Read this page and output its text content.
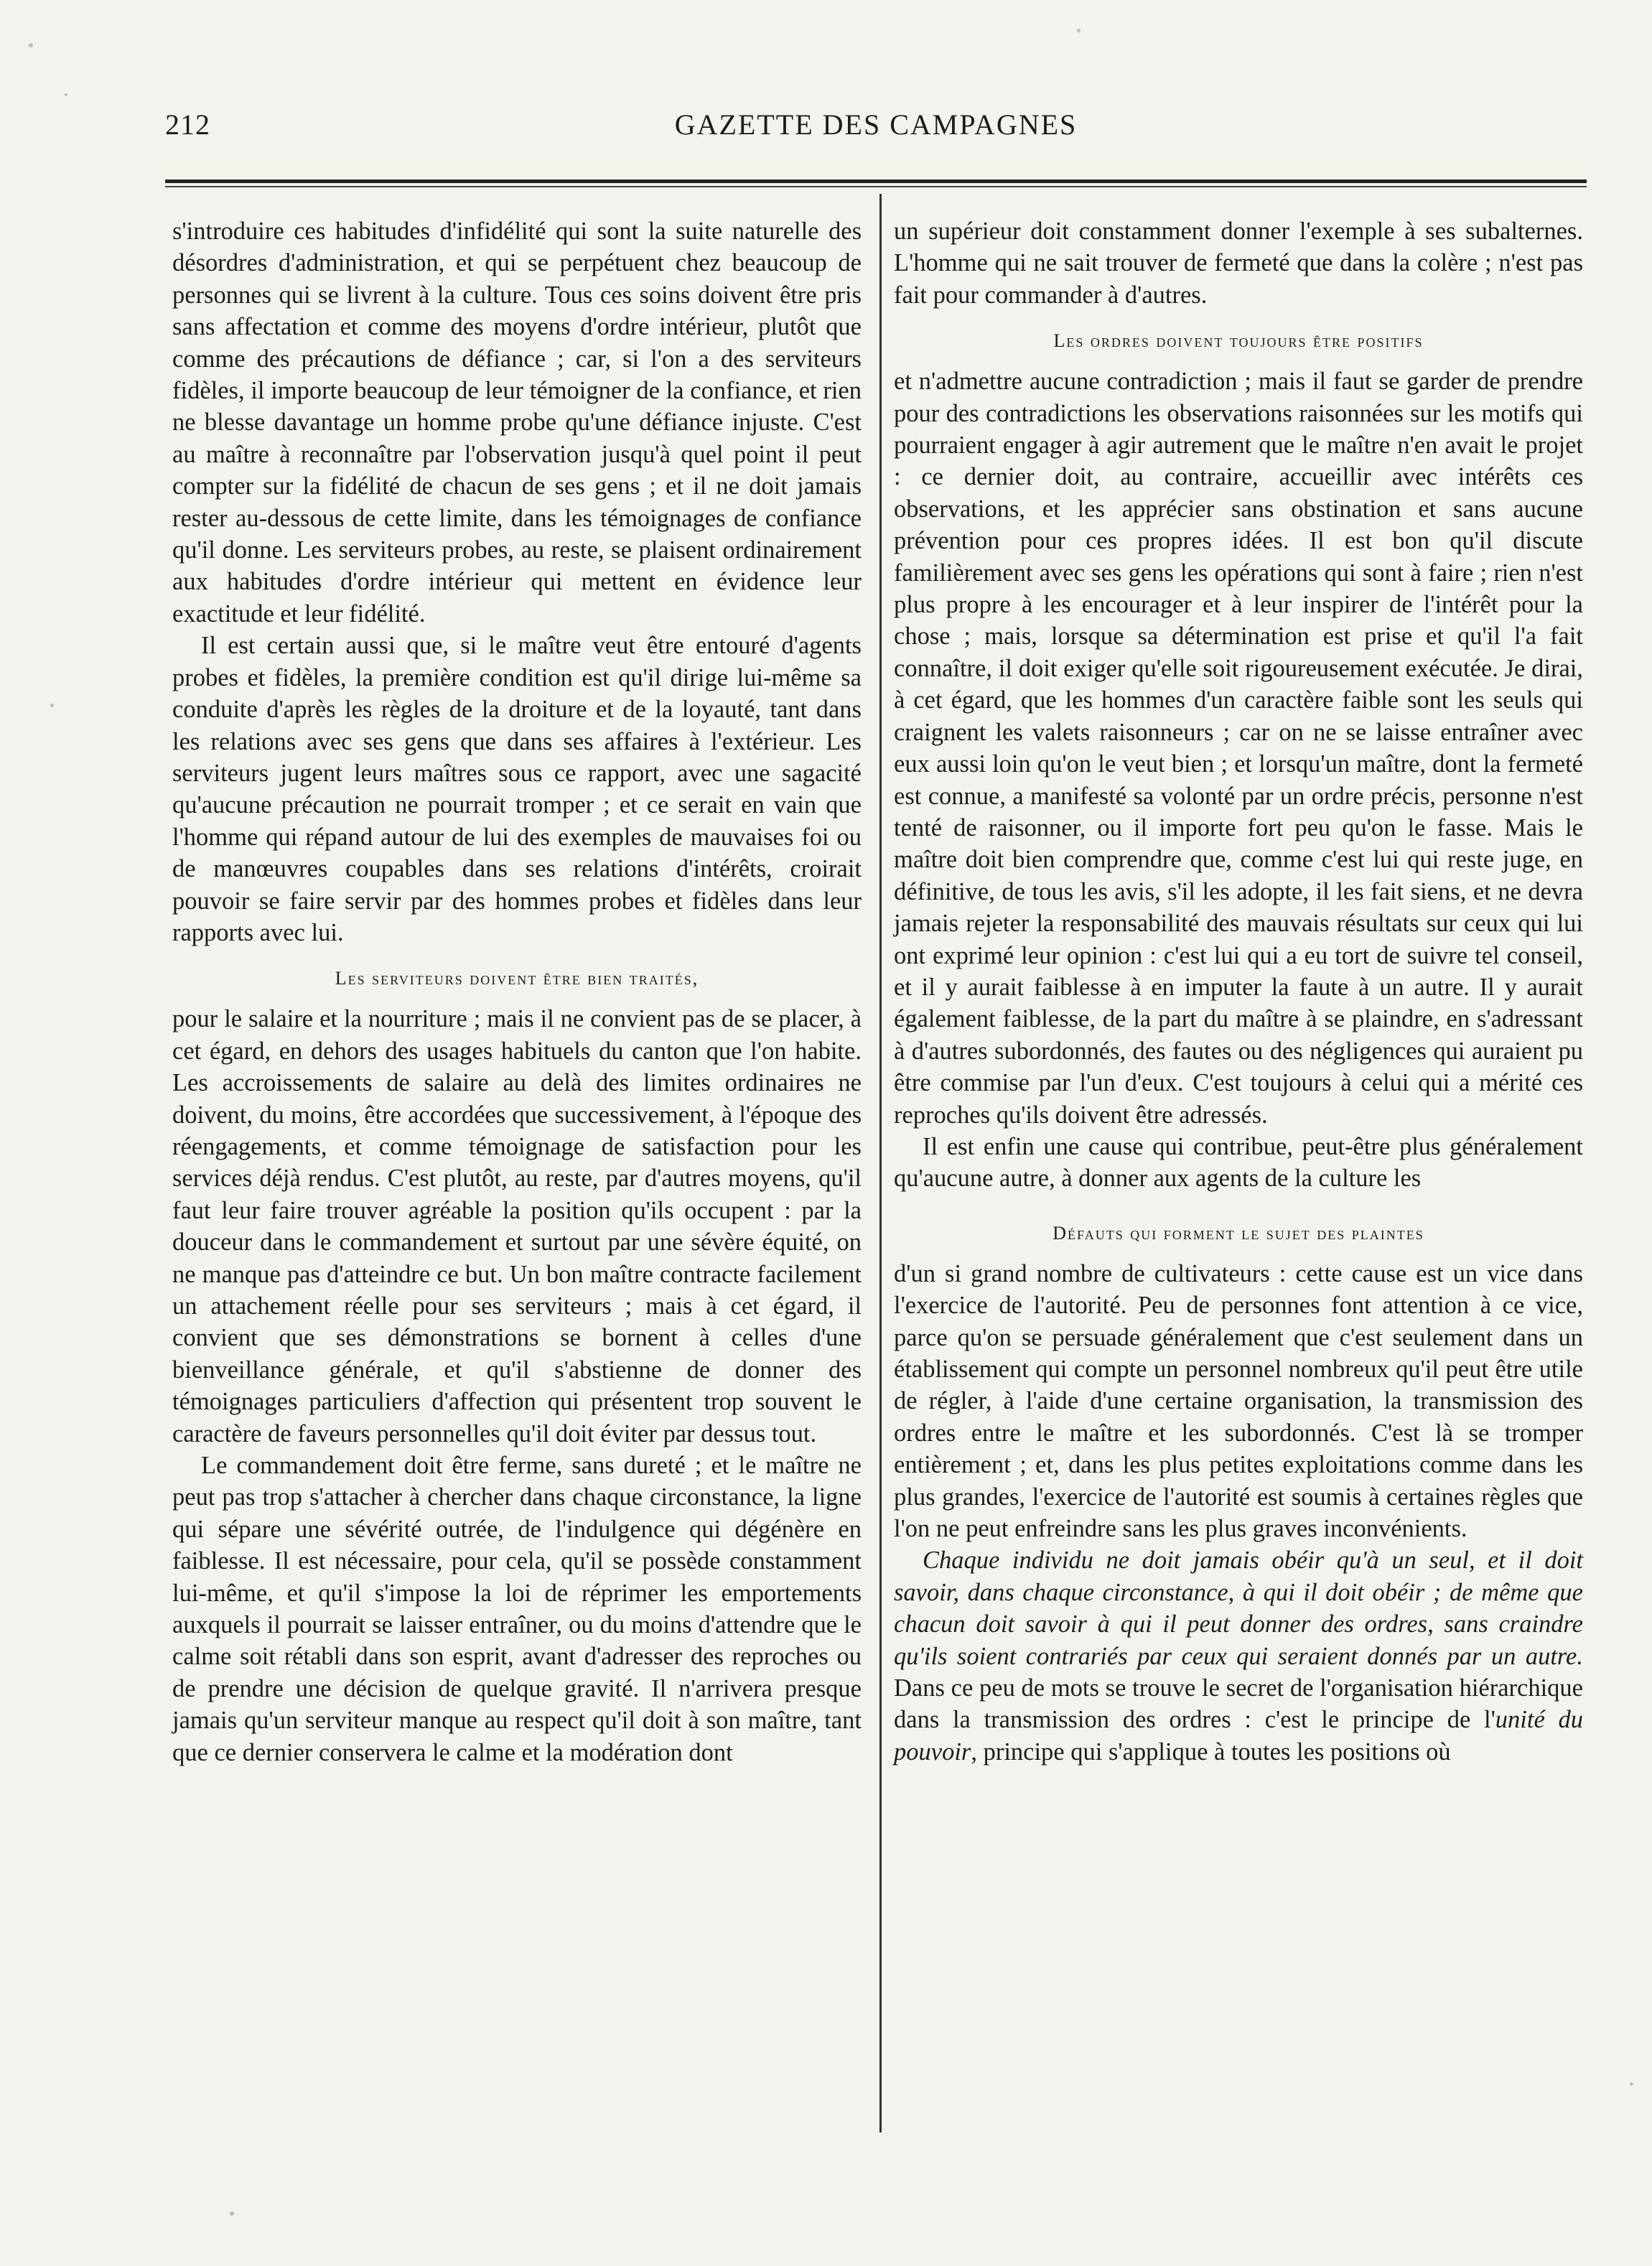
212	GAZETTE DES CAMPAGNES

s'introduire ces habitudes d'infidélité qui sont la suite naturelle des désordres d'administration, et qui se perpétuent chez beaucoup de personnes qui se livrent à la culture. Tous ces soins doivent être pris sans affectation et comme des moyens d'ordre intérieur, plutôt que comme des précautions de défiance ; car, si l'on a des serviteurs fidèles, il importe beaucoup de leur témoigner de la confiance, et rien ne blesse davantage un homme probe qu'une défiance injuste. C'est au maître à reconnaître par l'observation jusqu'à quel point il peut compter sur la fidélité de chacun de ses gens ; et il ne doit jamais rester au-dessous de cette limite, dans les témoignages de confiance qu'il donne. Les serviteurs probes, au reste, se plaisent ordinairement aux habitudes d'ordre intérieur qui mettent en évidence leur exactitude et leur fidélité.

Il est certain aussi que, si le maître veut être entouré d'agents probes et fidèles, la première condition est qu'il dirige lui-même sa conduite d'après les règles de la droiture et de la loyauté, tant dans les relations avec ses gens que dans ses affaires à l'extérieur. Les serviteurs jugent leurs maîtres sous ce rapport, avec une sagacité qu'aucune précaution ne pourrait tromper ; et ce serait en vain que l'homme qui répand autour de lui des exemples de mauvaises foi ou de manœuvres coupables dans ses relations d'intérêts, croirait pouvoir se faire servir par des hommes probes et fidèles dans leur rapports avec lui.

Les serviteurs doivent être bien traités,

pour le salaire et la nourriture ; mais il ne convient pas de se placer, à cet égard, en dehors des usages habituels du canton que l'on habite. Les accroissements de salaire au delà des limites ordinaires ne doivent, du moins, être accordées que successivement, à l'époque des réengagements, et comme témoignage de satisfaction pour les services déjà rendus. C'est plutôt, au reste, par d'autres moyens, qu'il faut leur faire trouver agréable la position qu'ils occupent : par la douceur dans le commandement et surtout par une sévère équité, on ne manque pas d'atteindre ce but. Un bon maître contracte facilement un attachement réelle pour ses serviteurs ; mais à cet égard, il convient que ses démonstrations se bornent à celles d'une bienveillance générale, et qu'il s'abstienne de donner des témoignages particuliers d'affection qui présentent trop souvent le caractère de faveurs personnelles qu'il doit éviter par dessus tout.

Le commandement doit être ferme, sans dureté ; et le maître ne peut pas trop s'attacher à chercher dans chaque circonstance, la ligne qui sépare une sévérité outrée, de l'indulgence qui dégénère en faiblesse. Il est nécessaire, pour cela, qu'il se possède constamment lui-même, et qu'il s'impose la loi de réprimer les emportements auxquels il pourrait se laisser entraîner, ou du moins d'attendre que le calme soit rétabli dans son esprit, avant d'adresser des reproches ou de prendre une décision de quelque gravité. Il n'arrivera presque jamais qu'un serviteur manque au respect qu'il doit à son maître, tant que ce dernier conservera le calme et la modération dont

un supérieur doit constamment donner l'exemple à ses subalternes. L'homme qui ne sait trouver de fermeté que dans la colère ; n'est pas fait pour commander à d'autres.

Les ordres doivent toujours être positifs

et n'admettre aucune contradiction ; mais il faut se garder de prendre pour des contradictions les observations raisonnées sur les motifs qui pourraient engager à agir autrement que le maître n'en avait le projet : ce dernier doit, au contraire, accueillir avec intérêts ces observations, et les apprécier sans obstination et sans aucune prévention pour ces propres idées. Il est bon qu'il discute familièrement avec ses gens les opérations qui sont à faire ; rien n'est plus propre à les encourager et à leur inspirer de l'intérêt pour la chose ; mais, lorsque sa détermination est prise et qu'il l'a fait connaître, il doit exiger qu'elle soit rigoureusement exécutée. Je dirai, à cet égard, que les hommes d'un caractère faible sont les seuls qui craignent les valets raisonneurs ; car on ne se laisse entraîner avec eux aussi loin qu'on le veut bien ; et lorsqu'un maître, dont la fermeté est connue, a manifesté sa volonté par un ordre précis, personne n'est tenté de raisonner, ou il importe fort peu qu'on le fasse. Mais le maître doit bien comprendre que, comme c'est lui qui reste juge, en définitive, de tous les avis, s'il les adopte, il les fait siens, et ne devra jamais rejeter la responsabilité des mauvais résultats sur ceux qui lui ont exprimé leur opinion : c'est lui qui a eu tort de suivre tel conseil, et il y aurait faiblesse à en imputer la faute à un autre. Il y aurait également faiblesse, de la part du maître à se plaindre, en s'adressant à d'autres subordonnés, des fautes ou des négligences qui auraient pu être commise par l'un d'eux. C'est toujours à celui qui a mérité ces reproches qu'ils doivent être adressés.

Il est enfin une cause qui contribue, peut-être plus généralement qu'aucune autre, à donner aux agents de la culture les

Défauts qui forment le sujet des plaintes

d'un si grand nombre de cultivateurs : cette cause est un vice dans l'exercice de l'autorité. Peu de personnes font attention à ce vice, parce qu'on se persuade généralement que c'est seulement dans un établissement qui compte un personnel nombreux qu'il peut être utile de régler, à l'aide d'une certaine organisation, la transmission des ordres entre le maître et les subordonnés. C'est là se tromper entièrement ; et, dans les plus petites exploitations comme dans les plus grandes, l'exercice de l'autorité est soumis à certaines règles que l'on ne peut enfreindre sans les plus graves inconvénients.

Chaque individu ne doit jamais obéir qu'à un seul, et il doit savoir, dans chaque circonstance, à qui il doit obéir ; de même que chacun doit savoir à qui il peut donner des ordres, sans craindre qu'ils soient contrariés par ceux qui seraient donnés par un autre. Dans ce peu de mots se trouve le secret de l'organisation hiérarchique dans la transmission des ordres : c'est le principe de l'unité du pouvoir, principe qui s'applique à toutes les positions où
